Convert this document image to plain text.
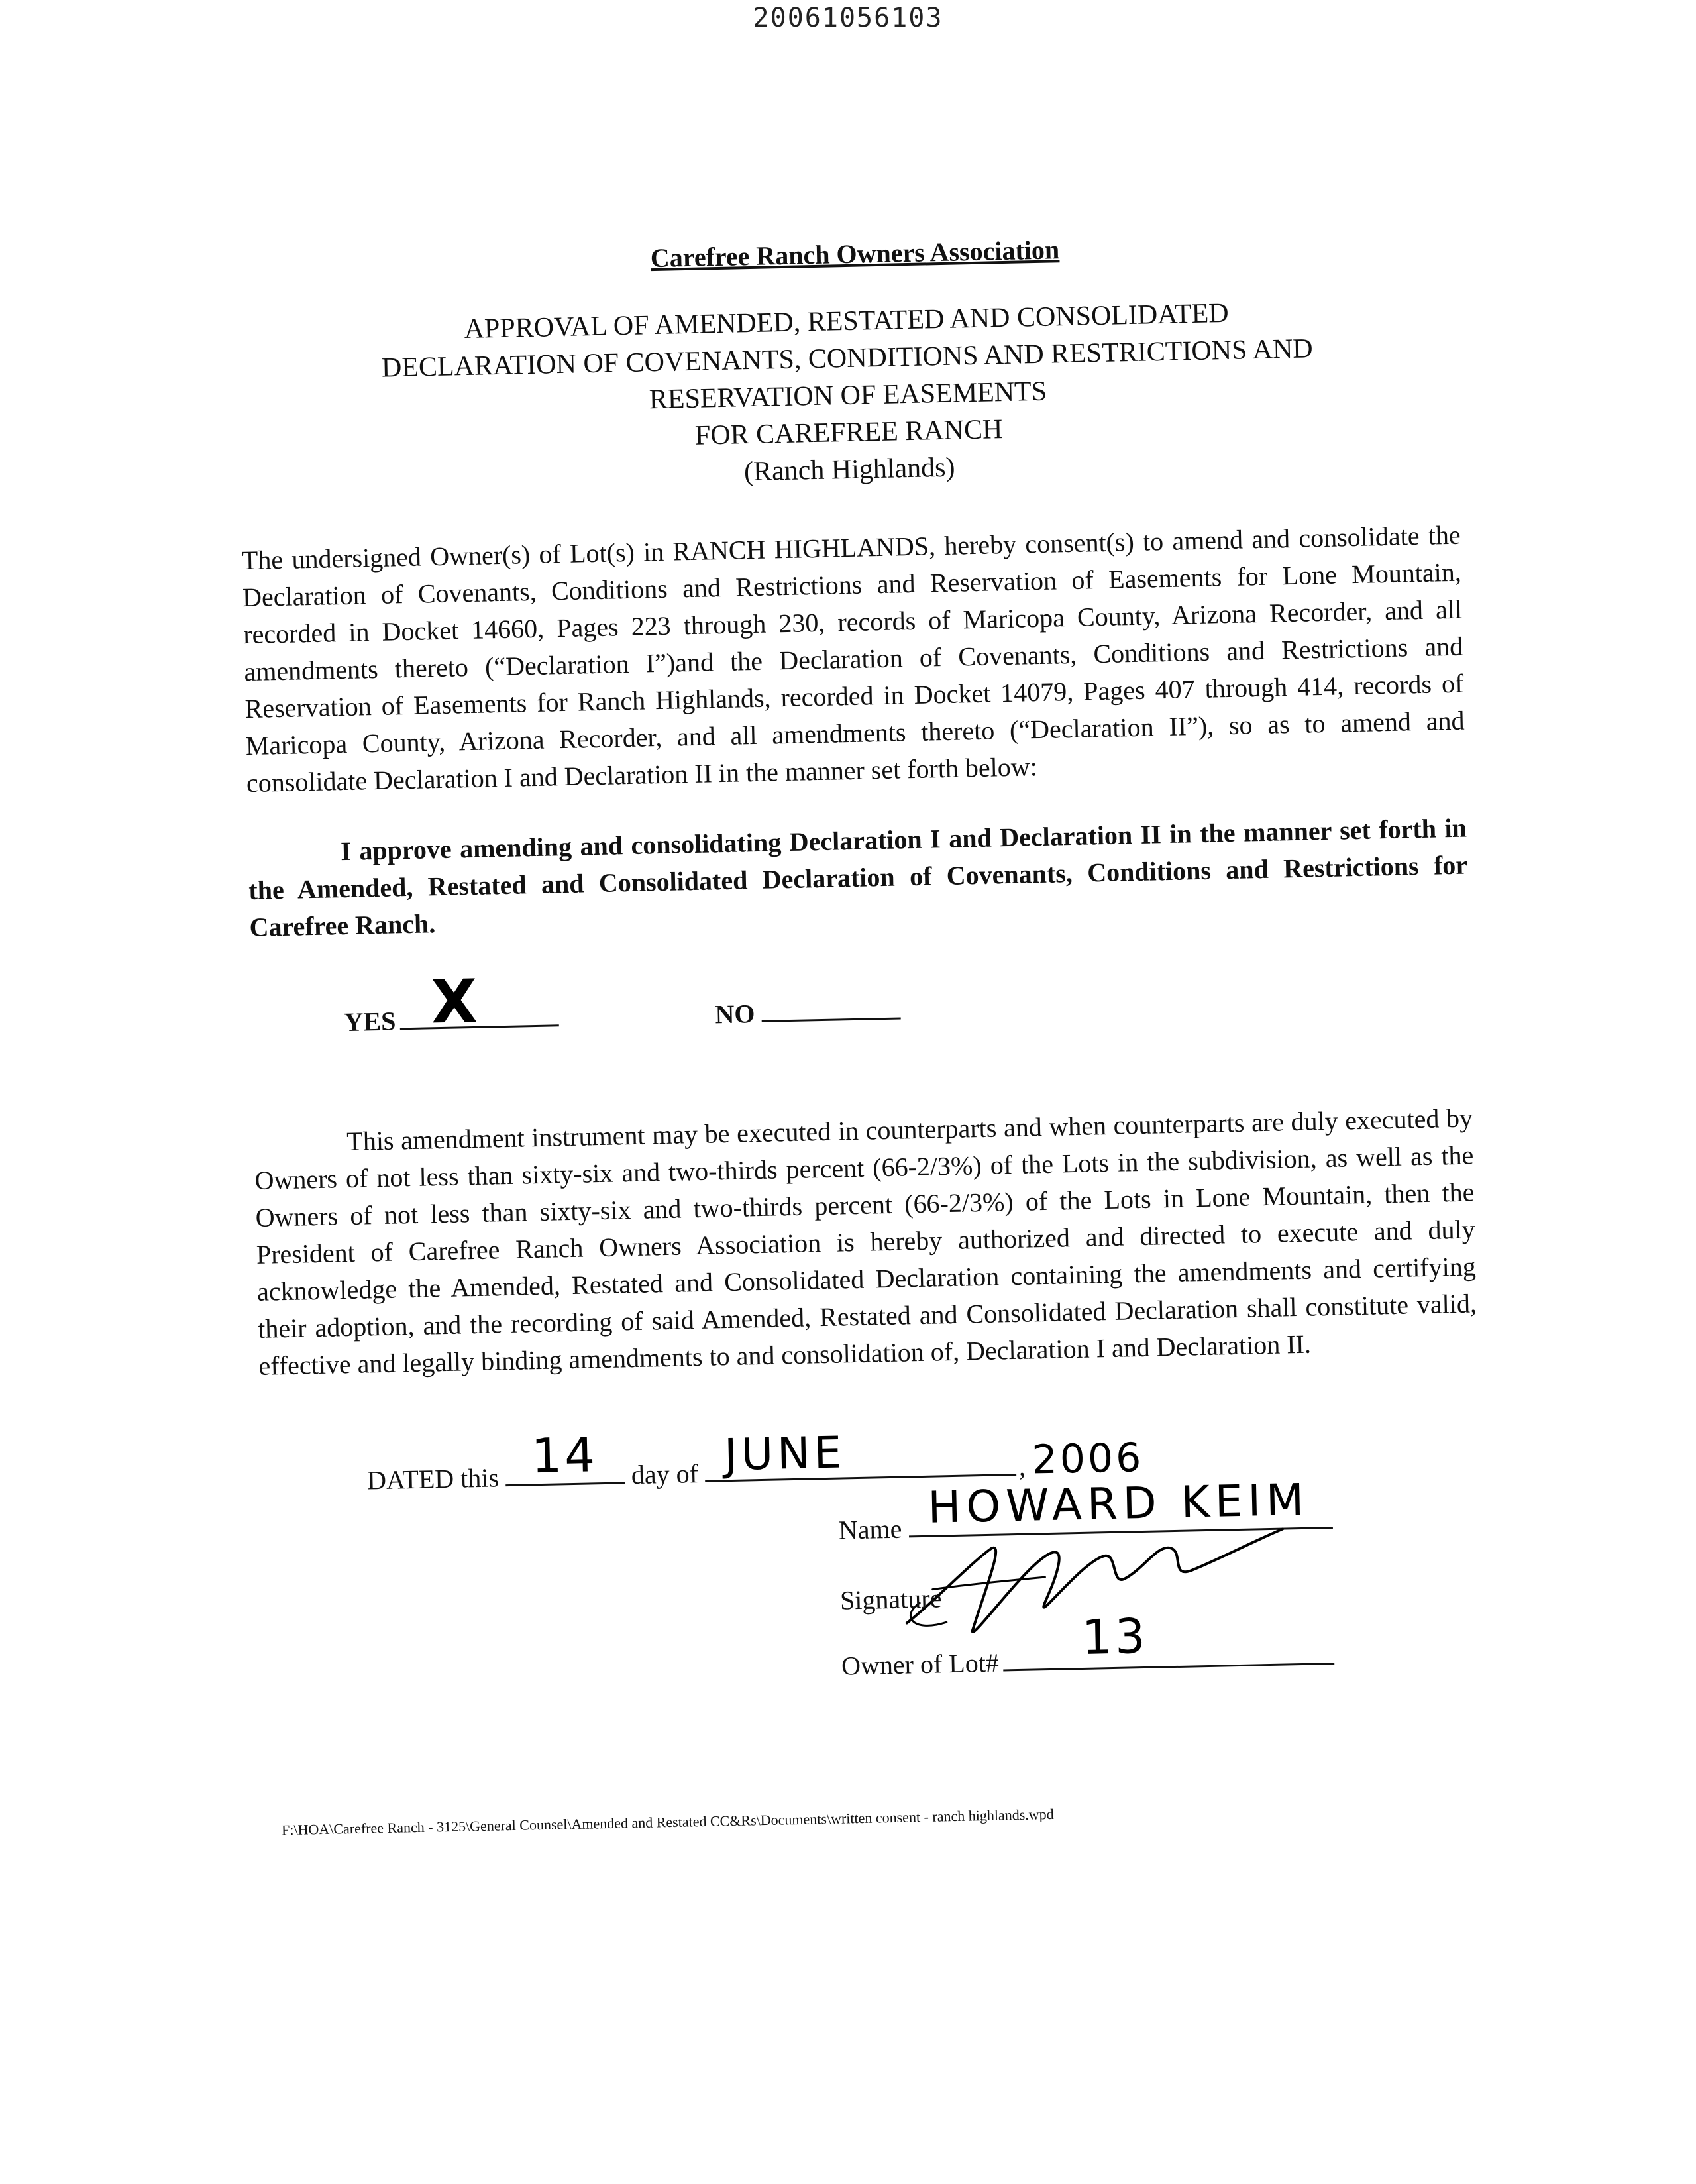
20061056103
Carefree Ranch Owners Association
APPROVAL OF AMENDED, RESTATED AND CONSOLIDATED
DECLARATION OF COVENANTS, CONDITIONS AND RESTRICTIONS AND
RESERVATION OF EASEMENTS
FOR CAREFREE RANCH
(Ranch Highlands)

The undersigned Owner(s) of Lot(s) in RANCH HIGHLANDS, hereby consent(s) to amend and consolidate the Declaration of Covenants, Conditions and Restrictions and Reservation of Easements for Lone Mountain, recorded in Docket 14660, Pages 223 through 230, records of Maricopa County, Arizona Recorder, and all amendments thereto (“Declaration I”)and the Declaration of Covenants, Conditions and Restrictions and Reservation of Easements for Ranch Highlands, recorded in Docket 14079, Pages 407 through 414, records of Maricopa County, Arizona Recorder, and all amendments thereto (“Declaration II”), so as to amend and consolidate Declaration I and Declaration II in the manner set forth below:

I approve amending and consolidating Declaration I and Declaration II in the manner set forth in the Amended, Restated and Consolidated Declaration of Covenants, Conditions and Restrictions for Carefree Ranch.

YES X	NO

This amendment instrument may be executed in counterparts and when counterparts are duly executed by Owners of not less than sixty-six and two-thirds percent (66-2/3%) of the Lots in the subdivision, as well as the Owners of not less than sixty-six and two-thirds percent (66-2/3%) of the Lots in Lone Mountain, then the President of Carefree Ranch Owners Association is hereby authorized and directed to execute and duly acknowledge the Amended, Restated and Consolidated Declaration containing the amendments and certifying their adoption, and the recording of said Amended, Restated and Consolidated Declaration shall constitute valid, effective and legally binding amendments to and consolidation of, Declaration I and Declaration II.

DATED this 14 day of JUNE	, 2006
Name HOWARD KEIM
Signature
Owner of Lot# 13
F:\HOA\Carefree Ranch - 3125\General Counsel\Amended and Restated CC&Rs\Documents\written consent - ranch highlands.wpd
